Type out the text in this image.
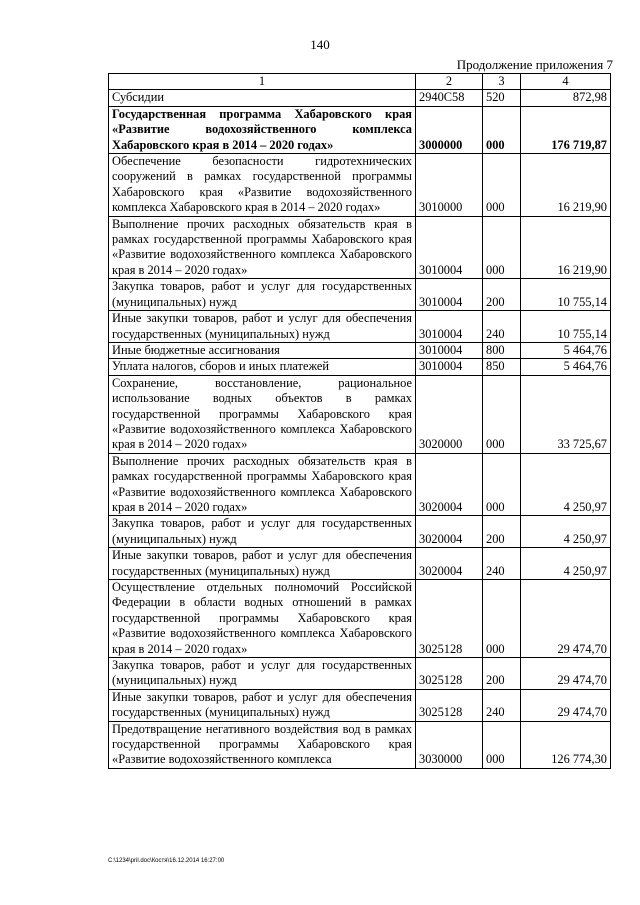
140
Продолжение приложения 7
1	2	3	4
Субсидии	2940С58	520	872,98
Государственная программа Хабаровского края «Развитие водохозяйственного комплекса Хабаровского края в 2014 – 2020 годах»	3000000	000	176 719,87
Обеспечение безопасности гидротехнических сооружений в рамках государственной программы Хабаровского края «Развитие водохозяйственного комплекса Хабаровского края в 2014 – 2020 годах»	3010000	000	16 219,90
Выполнение прочих расходных обязательств края в рамках государственной программы Хабаровского края «Развитие водохозяйственного комплекса Хабаровского края в 2014 – 2020 годах»	3010004	000	16 219,90
Закупка товаров, работ и услуг для государственных (муниципальных) нужд	3010004	200	10 755,14
Иные закупки товаров, работ и услуг для обеспечения государственных (муниципальных) нужд	3010004	240	10 755,14
Иные бюджетные ассигнования	3010004	800	5 464,76
Уплата налогов, сборов и иных платежей	3010004	850	5 464,76
Сохранение, восстановление, рациональное использование водных объектов в рамках государственной программы Хабаровского края «Развитие водохозяйственного комплекса Хабаровского края в 2014 – 2020 годах»	3020000	000	33 725,67
Выполнение прочих расходных обязательств края в рамках государственной программы Хабаровского края «Развитие водохозяйственного комплекса Хабаровского края в 2014 – 2020 годах»	3020004	000	4 250,97
Закупка товаров, работ и услуг для государственных (муниципальных) нужд	3020004	200	4 250,97
Иные закупки товаров, работ и услуг для обеспечения государственных (муниципальных) нужд	3020004	240	4 250,97
Осуществление отдельных полномочий Российской Федерации в области водных отношений в рамках государственной программы Хабаровского края «Развитие водохозяйственного комплекса Хабаровского края в 2014 – 2020 годах»	3025128	000	29 474,70
Закупка товаров, работ и услуг для государственных (муниципальных) нужд	3025128	200	29 474,70
Иные закупки товаров, работ и услуг для обеспечения государственных (муниципальных) нужд	3025128	240	29 474,70
Предотвращение негативного воздействия вод в рамках государственной программы Хабаровского края «Развитие водохозяйственного комплекса	3030000	000	126 774,30
C:\1234\pril.doc\Костя\16.12.2014 16:27:00
